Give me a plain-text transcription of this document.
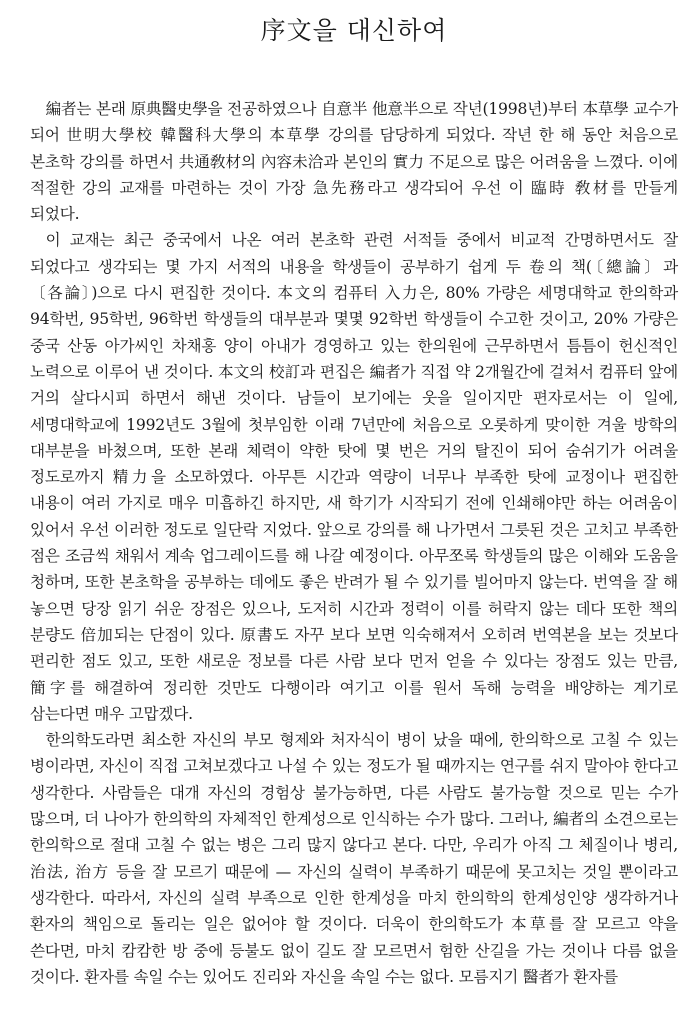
序文을 대신하여

編者는 본래 原典醫史學을 전공하였으나 自意半 他意半으로 작년(1998년)부터 本草學 교수가 되어 世明大學校 韓醫科大學의 本草學 강의를 담당하게 되었다. 작년 한 해 동안 처음으로 본초학 강의를 하면서 共通敎材의 內容未洽과 본인의 實力 不足으로 많은 어려움을 느꼈다. 이에 적절한 강의 교재를 마련하는 것이 가장 急先務라고 생각되어 우선 이 臨時 敎材를 만들게 되었다.

이 교재는 최근 중국에서 나온 여러 본초학 관련 서적들 중에서 비교적 간명하면서도 잘 되었다고 생각되는 몇 가지 서적의 내용을 학생들이 공부하기 쉽게 두 卷의 책(〔總論〕과 〔各論〕)으로 다시 편집한 것이다. 本文의 컴퓨터 入力은, 80% 가량은 세명대학교 한의학과 94학번, 95학번, 96학번 학생들의 대부분과 몇몇 92학번 학생들이 수고한 것이고, 20% 가량은 중국 산동 아가씨인 차채홍 양이 아내가 경영하고 있는 한의원에 근무하면서 틈틈이 헌신적인 노력으로 이루어 낸 것이다. 本文의 校訂과 편집은 編者가 직접 약 2개월간에 걸쳐서 컴퓨터 앞에 거의 살다시피 하면서 해낸 것이다. 남들이 보기에는 웃을 일이지만 편자로서는 이 일에, 세명대학교에 1992년도 3월에 첫부임한 이래 7년만에 처음으로 오롯하게 맞이한 겨울 방학의 대부분을 바쳤으며, 또한 본래 체력이 약한 탓에 몇 번은 거의 탈진이 되어 숨쉬기가 어려울 정도로까지 精力을 소모하였다. 아무튼 시간과 역량이 너무나 부족한 탓에 교정이나 편집한 내용이 여러 가지로 매우 미흡하긴 하지만, 새 학기가 시작되기 전에 인쇄해야만 하는 어려움이 있어서 우선 이러한 정도로 일단락 지었다. 앞으로 강의를 해 나가면서 그릇된 것은 고치고 부족한 점은 조금씩 채워서 계속 업그레이드를 해 나갈 예정이다. 아무쪼록 학생들의 많은 이해와 도움을 청하며, 또한 본초학을 공부하는 데에도 좋은 반려가 될 수 있기를 빌어마지 않는다. 번역을 잘 해 놓으면 당장 읽기 쉬운 장점은 있으나, 도저히 시간과 정력이 이를 허락지 않는 데다 또한 책의 분량도 倍加되는 단점이 있다. 原書도 자꾸 보다 보면 익숙해져서 오히려 번역본을 보는 것보다 편리한 점도 있고, 또한 새로운 정보를 다른 사람 보다 먼저 얻을 수 있다는 장점도 있는 만큼, 簡字를 해결하여 정리한 것만도 다행이라 여기고 이를 원서 독해 능력을 배양하는 계기로 삼는다면 매우 고맙겠다.

한의학도라면 최소한 자신의 부모 형제와 처자식이 병이 났을 때에, 한의학으로 고칠 수 있는 병이라면, 자신이 직접 고쳐보겠다고 나설 수 있는 정도가 될 때까지는 연구를 쉬지 말아야 한다고 생각한다. 사람들은 대개 자신의 경험상 불가능하면, 다른 사람도 불가능할 것으로 믿는 수가 많으며, 더 나아가 한의학의 자체적인 한계성으로 인식하는 수가 많다. 그러나, 編者의 소견으로는 한의학으로 절대 고칠 수 없는 병은 그리 많지 않다고 본다. 다만, 우리가 아직 그 체질이나 병리, 治法, 治方 등을 잘 모르기 때문에 — 자신의 실력이 부족하기 때문에 못고치는 것일 뿐이라고 생각한다. 따라서, 자신의 실력 부족으로 인한 한계성을 마치 한의학의 한계성인양 생각하거나 환자의 책임으로 돌리는 일은 없어야 할 것이다. 더욱이 한의학도가 本草를 잘 모르고 약을 쓴다면, 마치 캄캄한 방 중에 등불도 없이 길도 잘 모르면서 험한 산길을 가는 것이나 다름 없을 것이다. 환자를 속일 수는 있어도 진리와 자신을 속일 수는 없다. 모름지기 醫者가 환자를
